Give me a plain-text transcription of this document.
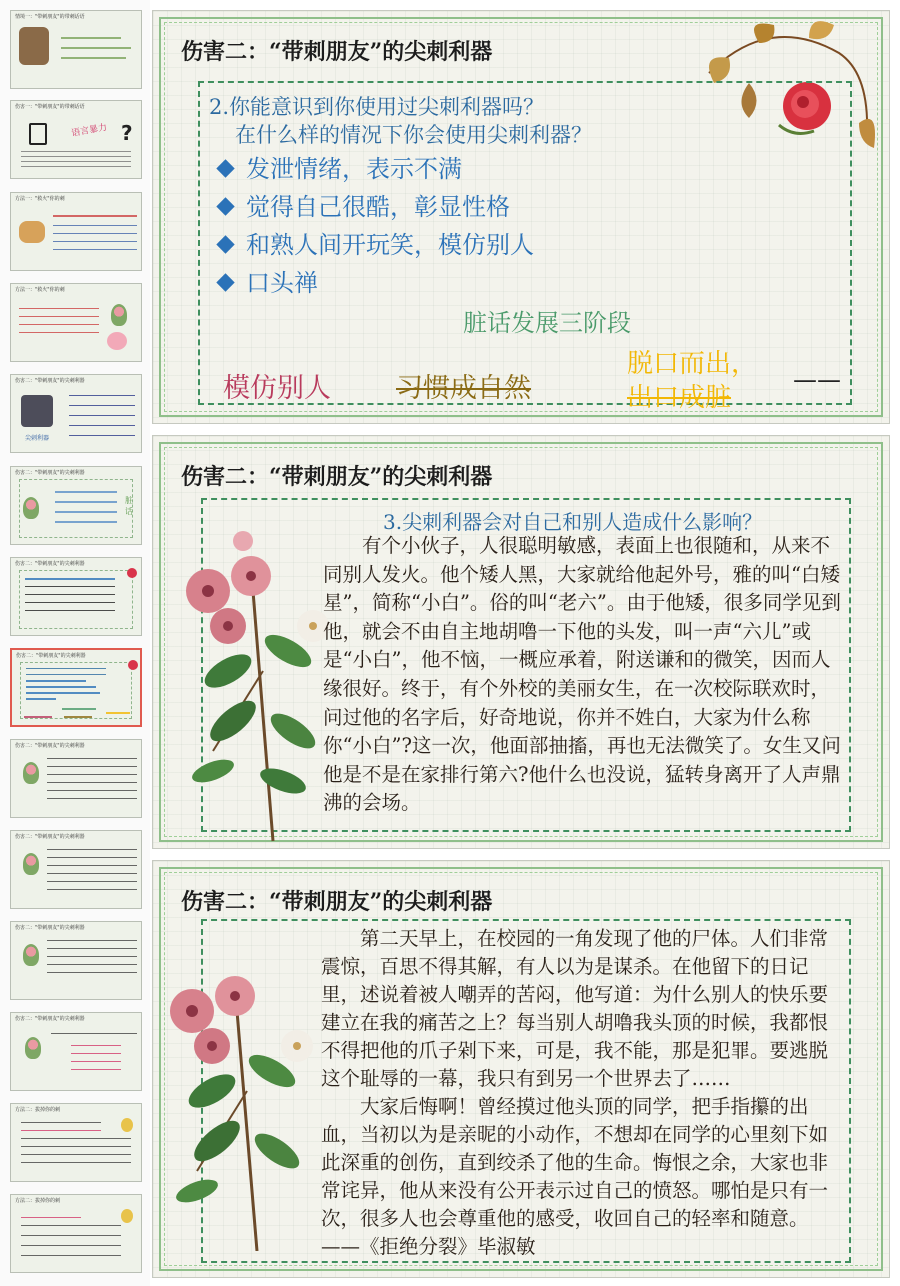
情境一："带刺朋友"的带刺话语
伤害一："带刺朋友"的带刺话语
语言暴力 ?
方法一："救火"你的刺
方法一："救火"你的刺
伤害二："带刺朋友"的尖刺利器
尖刺利器
伤害二："带刺朋友"的尖刺利器
脏话
伤害二："带刺朋友"的尖刺利器
伤害二："带刺朋友"的尖刺利器
伤害二："带刺朋友"的尖刺利器
伤害二："带刺朋友"的尖刺利器
伤害二："带刺朋友"的尖刺利器
伤害二："带刺朋友"的尖刺利器
方法二：拔掉你的刺
方法二：拔掉你的刺
伤害二：“带刺朋友”的尖刺利器
2.你能意识到你使用过尖刺利器吗？
在什么样的情况下你会使用尖刺利器？
发泄情绪，表示不满
觉得自己很酷，彰显性格
和熟人间开玩笑，模仿别人
口头禅
脏话发展三阶段
模仿别人 习惯成自然
脱口而出，
出口成脏
——
伤害二：“带刺朋友”的尖刺利器
3.尖刺利器会对自己和别人造成什么影响？

有个小伙子，人很聪明敏感，表面上也很随和，从来不同别人发火。他个矮人黑，大家就给他起外号，雅的叫“白矮星”，简称“小白”。俗的叫“老六”。由于他矮，很多同学见到他，就会不由自主地胡噜一下他的头发，叫一声“六儿”或是“小白”，他不恼，一概应承着，附送谦和的微笑，因而人缘很好。终于，有个外校的美丽女生，在一次校际联欢时，问过他的名字后，好奇地说，你并不姓白，大家为什么称你“小白”?这一次，他面部抽搐，再也无法微笑了。女生又问他是不是在家排行第六?他什么也没说，猛转身离开了人声鼎沸的会场。

伤害二：“带刺朋友”的尖刺利器

第二天早上，在校园的一角发现了他的尸体。人们非常震惊，百思不得其解，有人以为是谋杀。在他留下的日记里，述说着被人嘲弄的苦闷，他写道：为什么别人的快乐要建立在我的痛苦之上？每当别人胡噜我头顶的时候，我都恨不得把他的爪子剁下来，可是，我不能，那是犯罪。要逃脱这个耻辱的一幕，我只有到另一个世界去了……

大家后悔啊！曾经摸过他头顶的同学，把手指攥的出血，当初以为是亲昵的小动作，不想却在同学的心里刻下如此深重的创伤，直到绞杀了他的生命。悔恨之余，大家也非常诧异，他从来没有公开表示过自己的愤怒。哪怕是只有一次，很多人也会尊重他的感受，收回自己的轻率和随意。　　　——《拒绝分裂》毕淑敏
